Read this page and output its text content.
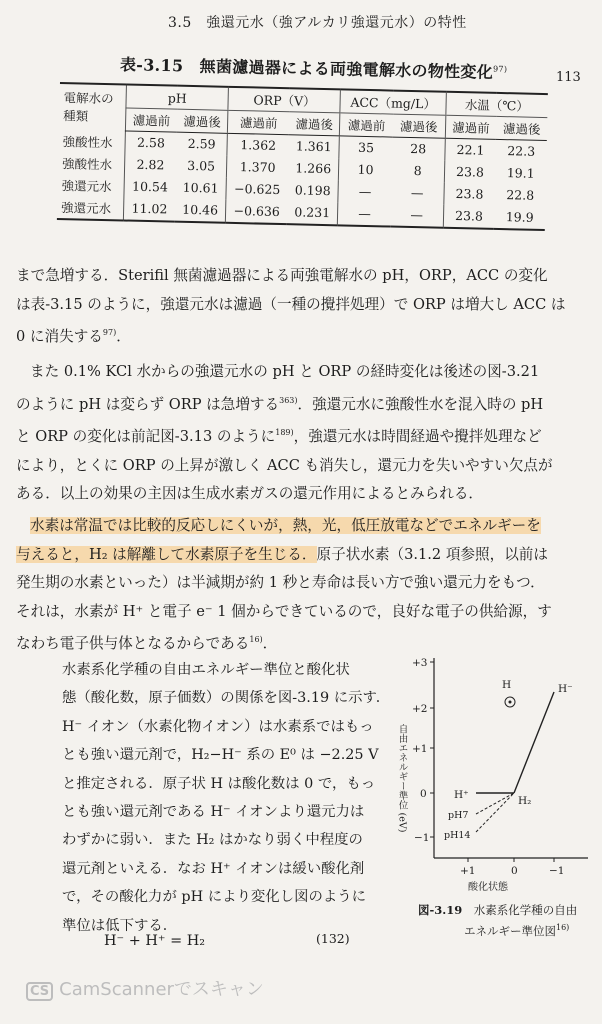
3.5　強還元水（強アルカリ強還元水）の特性
113
表-3.15　無菌濾過器による両強電解水の物性変化$^{97)}$
電解水の種類	pH		ORP（V）		ACC（mg/L）		水温（℃）	
	濾過前	濾過後	濾過前	濾過後	濾過前	濾過後	濾過前	濾過後
強酸性水	2.58	2.59	1.362	1.361	35	28	22.1	22.3
強酸性水	2.82	3.05	1.370	1.266	10	8	23.8	19.1
強還元水	10.54	10.61	−0.625	0.198	—	—	23.8	22.8
強還元水	11.02	10.46	−0.636	0.231	—	—	23.8	19.9

まで急増する．Sterifil 無菌濾過器による両強電解水の pH，ORP，ACC の変化

は表-3.15 のように，強還元水は濾過（一種の攪拌処理）で ORP は増大し ACC は

0 に消失する$^{97)}$．

また 0.1% KCl 水からの強還元水の pH と ORP の経時変化は後述の図-3.21

のように pH は変らず ORP は急増する$^{363)}$．強還元水に強酸性水を混入時の pH

と ORP の変化は前記図-3.13 のように$^{189)}$，強還元水は時間経過や攪拌処理など

により，とくに ORP の上昇が激しく ACC も消失し，還元力を失いやすい欠点が

ある．以上の効果の主因は生成水素ガスの還元作用によるとみられる．

水素は常温では比較的反応しにくいが，熱，光，低圧放電などでエネルギーを

与えると，H₂ は解離して水素原子を生じる．原子状水素（3.1.2 項参照，以前は

発生期の水素といった）は半減期が約 1 秒と寿命は長い方で強い還元力をもつ．

それは，水素が H⁺ と電子 e⁻ 1 個からできているので，良好な電子の供給源，す

なわち電子供与体となるからである$^{16)}$．

水素系化学種の自由エネルギー準位と酸化状

態（酸化数，原子価数）の関係を図-3.19 に示す．

H⁻ イオン（水素化物イオン）は水素系ではもっ

とも強い還元剤で，H₂−H⁻ 系の E⁰ は −2.25 V

と推定される．原子状 H は酸化数は 0 で，もっ

とも強い還元剤である H⁻ イオンより還元力は

わずかに弱い．また H₂ はかなり弱く中程度の

還元剤といえる．なお H⁺ イオンは緩い酸化剤

で，その酸化力が pH により変化し図のように

準位は低下する．

H⁻ + H⁺ = H₂	(132)
+3
+2
+1
0
−1
+1	0	−1
酸化状態
自由エネルギー準位 (eV)
H	H⁻
H⁺	H₂
pH7
pH14
図-3.19　 水素系化学種の自由
エネルギー準位図$^{16)}$
CS CamScannerでスキャン
